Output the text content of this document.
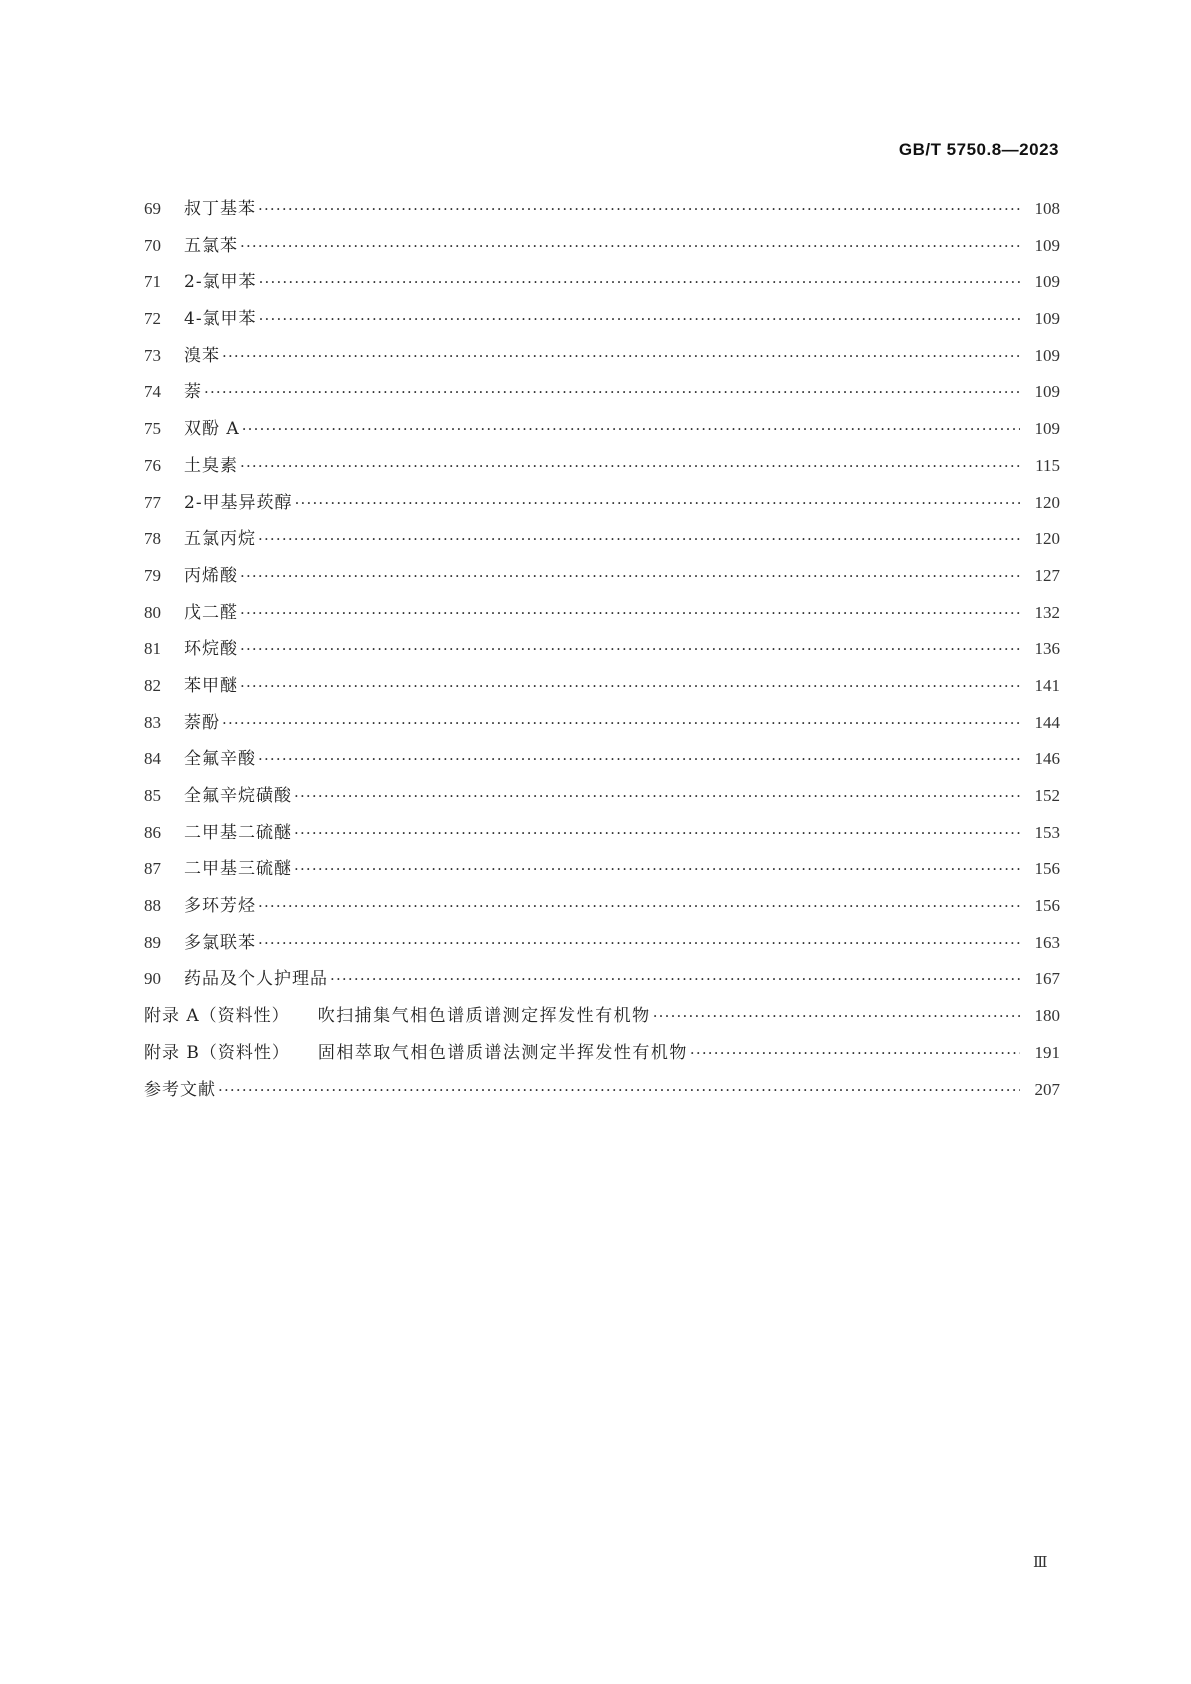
GB/T 5750.8—2023
69	叔丁基苯 ·····	108
70	五氯苯 ·····	109
71	2-氯甲苯 ·····	109
72	4-氯甲苯 ·····	109
73	溴苯 ·····	109
74	萘 ·····	109
75	双酚 A ·····	109
76	土臭素 ·····	115
77	2-甲基异莰醇 ·····	120
78	五氯丙烷 ·····	120
79	丙烯酸 ·····	127
80	戊二醛 ·····	132
81	环烷酸 ·····	136
82	苯甲醚 ·····	141
83	萘酚 ·····	144
84	全氟辛酸 ·····	146
85	全氟辛烷磺酸 ·····	152
86	二甲基二硫醚 ·····	153
87	二甲基三硫醚 ·····	156
88	多环芳烃 ·····	156
89	多氯联苯 ·····	163
90	药品及个人护理品 ·····	167
附录 A（资料性） 吹扫捕集气相色谱质谱测定挥发性有机物 ·····	180
附录 B（资料性） 固相萃取气相色谱质谱法测定半挥发性有机物 ·····	191
参考文献 ·····	207
Ⅲ
